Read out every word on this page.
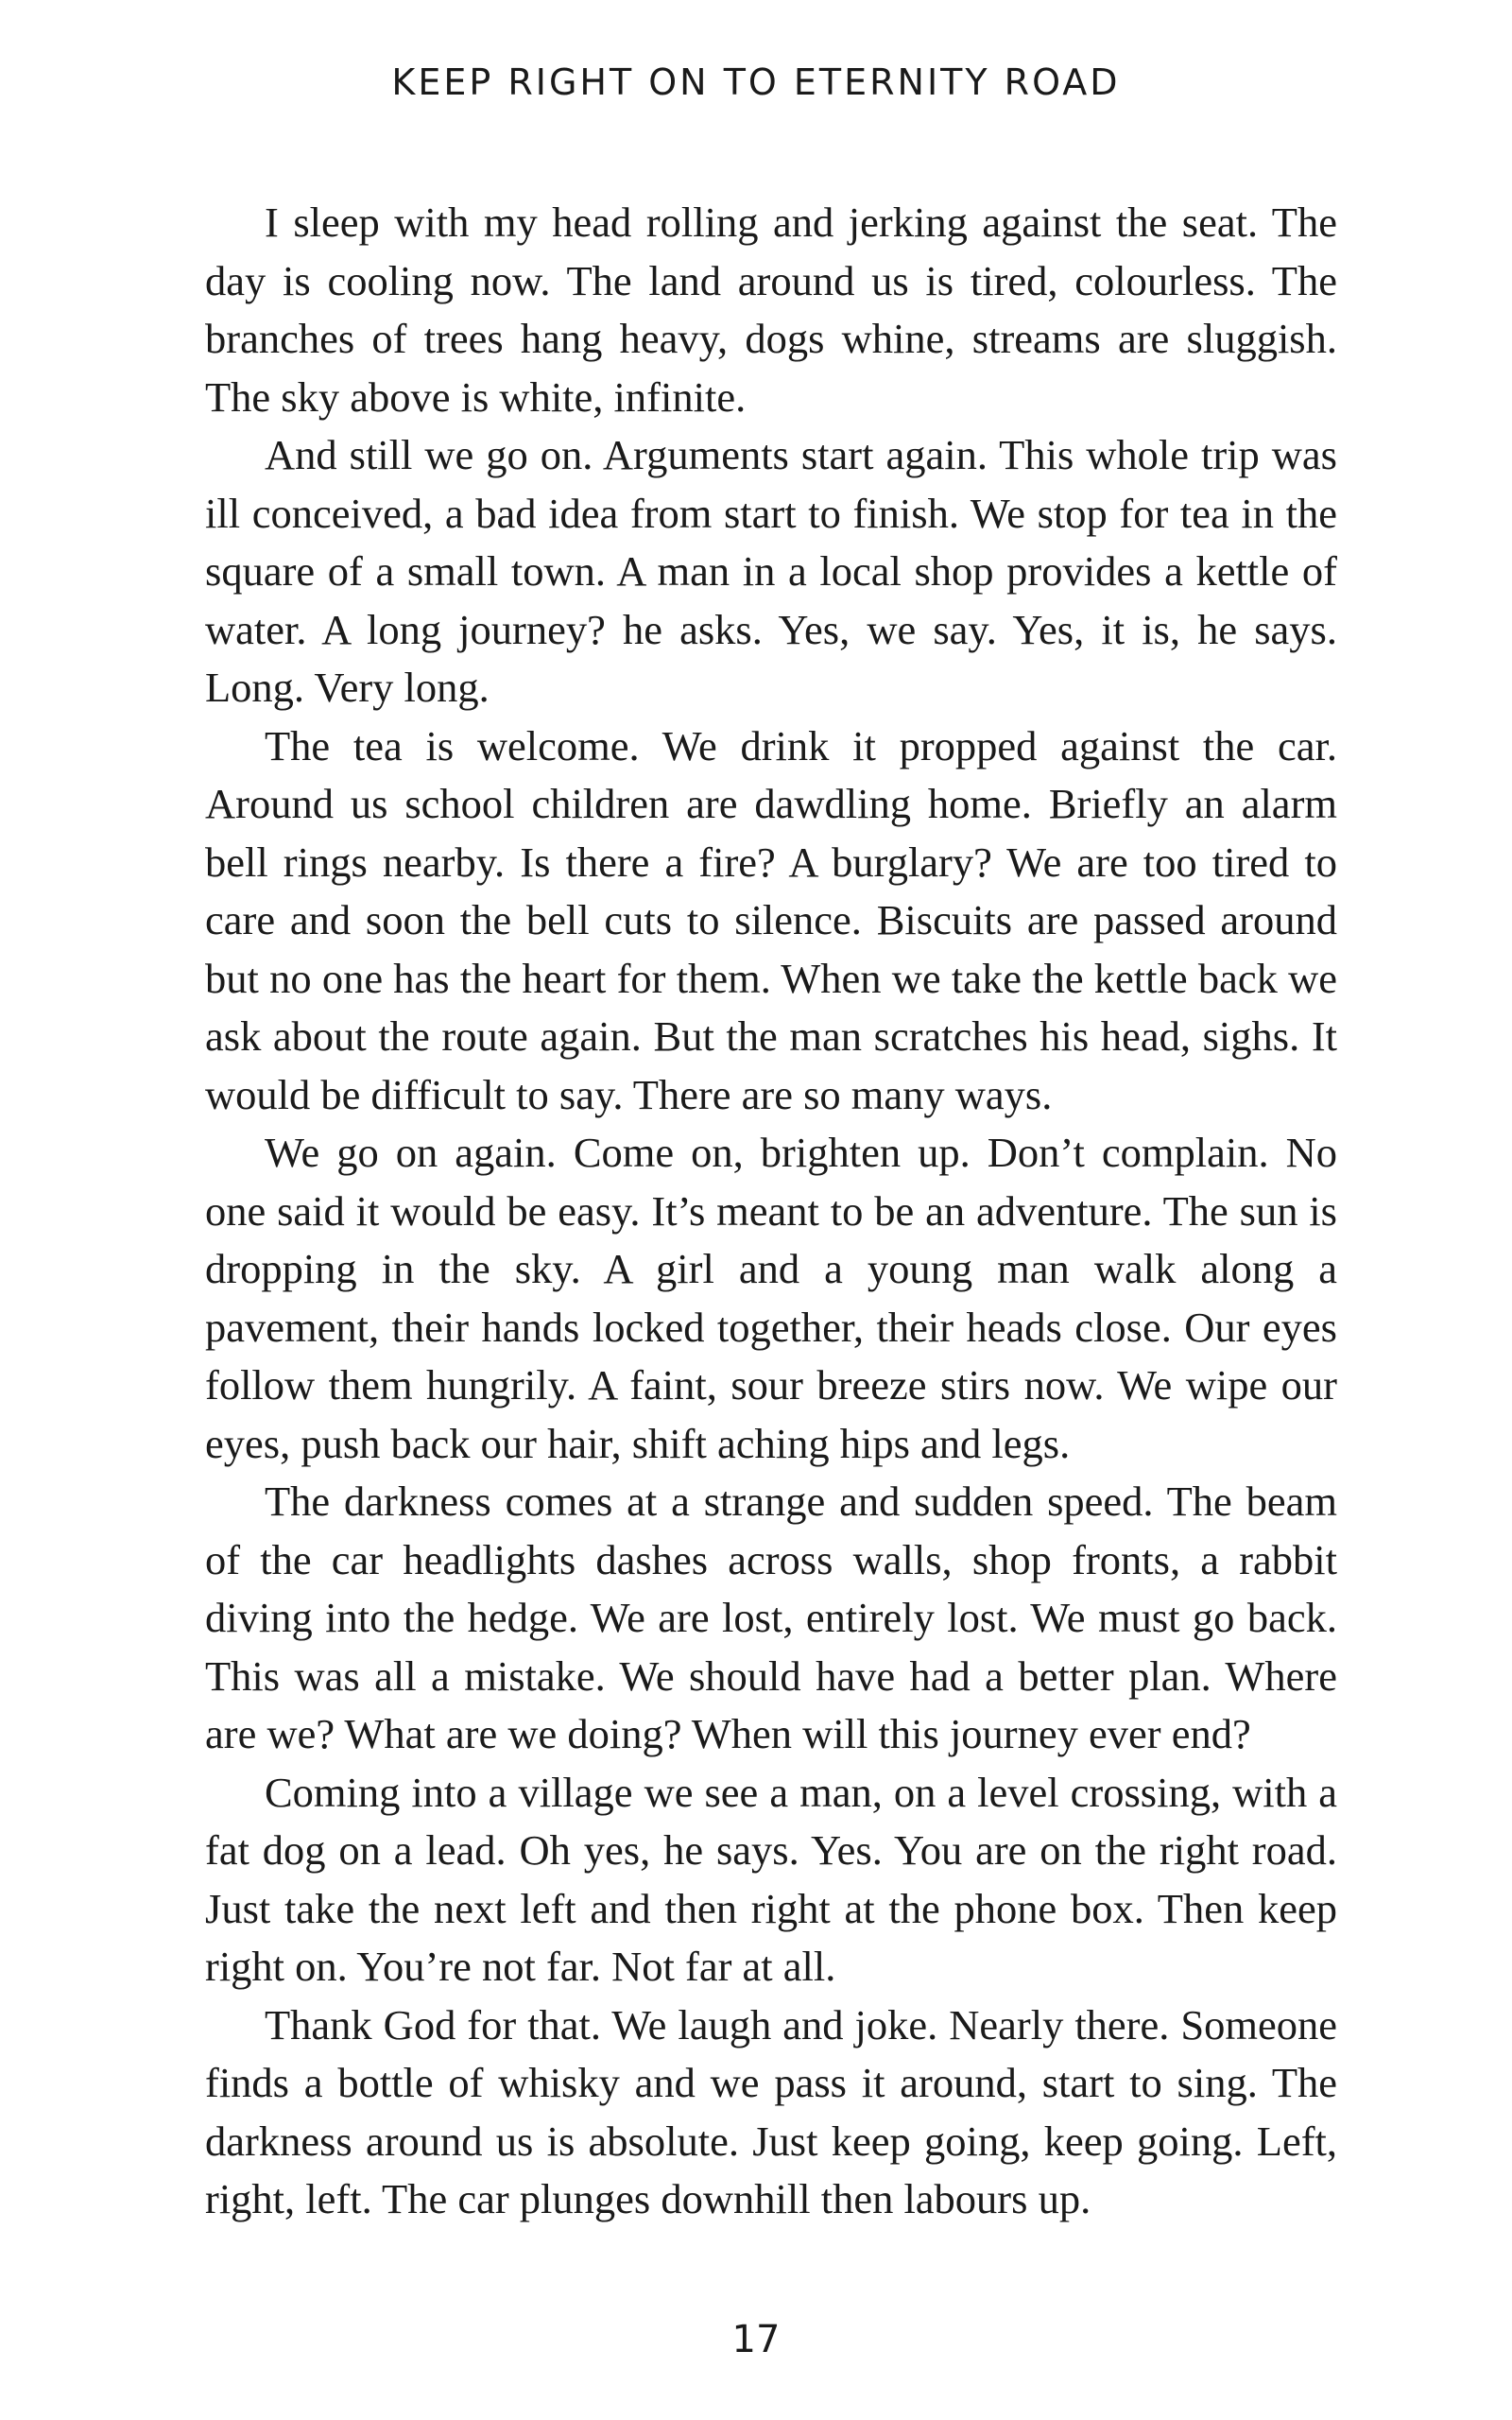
KEEP RIGHT ON TO ETERNITY ROAD

I sleep with my head rolling and jerking against the seat. The day is cooling now. The land around us is tired, colourless. The branches of trees hang heavy, dogs whine, streams are sluggish. The sky above is white, infinite.

And still we go on. Arguments start again. This whole trip was ill conceived, a bad idea from start to finish. We stop for tea in the square of a small town. A man in a local shop provides a kettle of water. A long journey? he asks. Yes, we say. Yes, it is, he says. Long. Very long.

The tea is welcome. We drink it propped against the car. Around us school children are dawdling home. Briefly an alarm bell rings nearby. Is there a fire? A burglary? We are too tired to care and soon the bell cuts to silence. Biscuits are passed around but no one has the heart for them. When we take the kettle back we ask about the route again. But the man scratches his head, sighs. It would be difficult to say. There are so many ways.

We go on again. Come on, brighten up. Don’t complain. No one said it would be easy. It’s meant to be an adventure. The sun is dropping in the sky. A girl and a young man walk along a pavement, their hands locked together, their heads close. Our eyes follow them hungrily. A faint, sour breeze stirs now. We wipe our eyes, push back our hair, shift aching hips and legs.

The darkness comes at a strange and sudden speed. The beam of the car headlights dashes across walls, shop fronts, a rabbit diving into the hedge. We are lost, entirely lost. We must go back. This was all a mistake. We should have had a better plan. Where are we? What are we doing? When will this journey ever end?

Coming into a village we see a man, on a level crossing, with a fat dog on a lead. Oh yes, he says. Yes. You are on the right road. Just take the next left and then right at the phone box. Then keep right on. You’re not far. Not far at all.

Thank God for that. We laugh and joke. Nearly there. Someone finds a bottle of whisky and we pass it around, start to sing. The darkness around us is absolute. Just keep going, keep going. Left, right, left. The car plunges downhill then labours up.

17
